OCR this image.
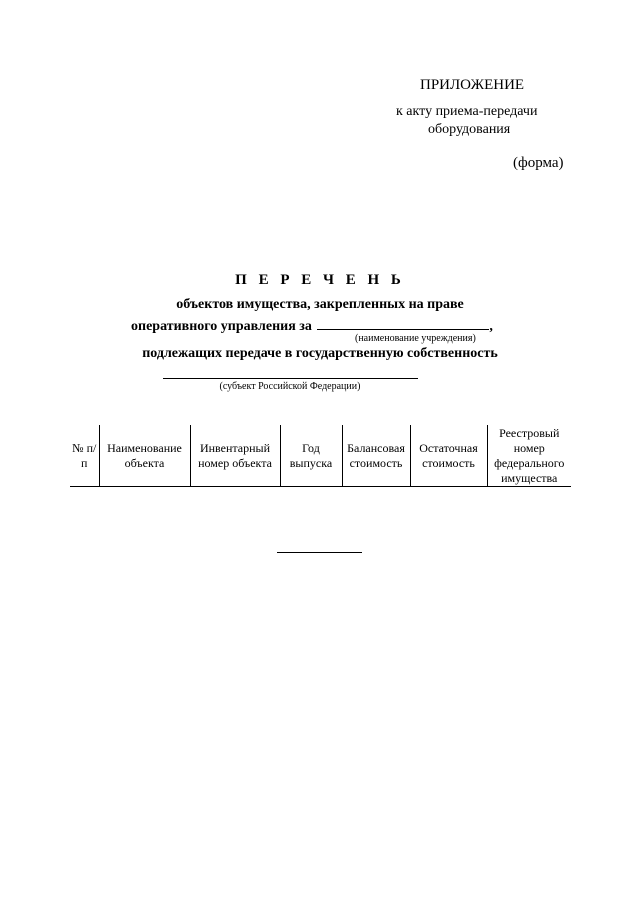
ПРИЛОЖЕНИЕ
к акту приема-передачи
оборудования
(форма)
П Е Р Е Ч Е Н Ь
объектов имущества, закрепленных на праве
оперативного управления за	,
(наименование учреждения)
подлежащих передаче в государственную собственность
(субъект Российской Федерации)
№ п/п	Наименование объекта	Инвентарный номер объекта	Год выпуска	Балансовая стоимость	Остаточная стоимость	Реестровый номер федерального имущества
